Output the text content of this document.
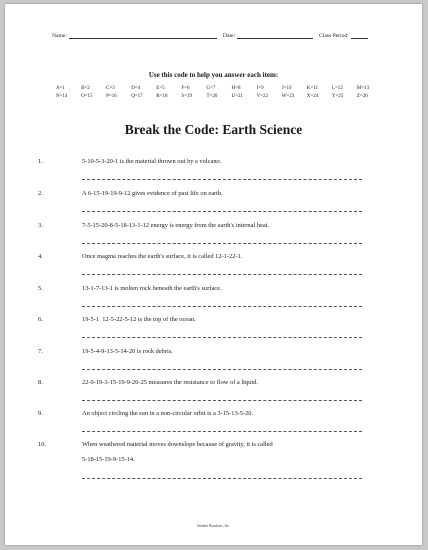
Name:	Date:	Class Period:
Use this code to help you answer each item:
A=1	B=2	C=3	D=4	E=5	F=6	G=7	H=8	I=9	J=10	K=11	L=12	M=13
N=14	O=15	P=16	Q=17	R=18	S=19	T=20	U=21	V=22	W=23	X=24	Y=25	Z=26
Break the Code: Earth Science
1.	5-10-5-3-20-1 is the material thrown out by a volcano.
2.	A 6-15-19-19-9-12 gives evidence of past life on earth.
3.	7-5-15-20-8-5-18-13-1-12 energy is energy from the earth's internal heat.
4.	Once magma reaches the earth's surface, it is called 12-1-22-1.
5.	13-1-7-13-1 is molten rock beneath the earth's surface.
6.	19-5-1  12-5-22-5-12 is the top of the ocean.
7.	19-5-4-9-13-5-14-20 is rock debris.
8.	22-9-19-3-15-19-9-20-25 measures the resistance to flow of a liquid.
9.	An object circling the sun in a non-circular orbit is a 3-15-13-5-20.
10.	When weathered material moves downslope because of gravity, it is called
5-18-15-19-9-15-14.
Student Handouts, Inc.
